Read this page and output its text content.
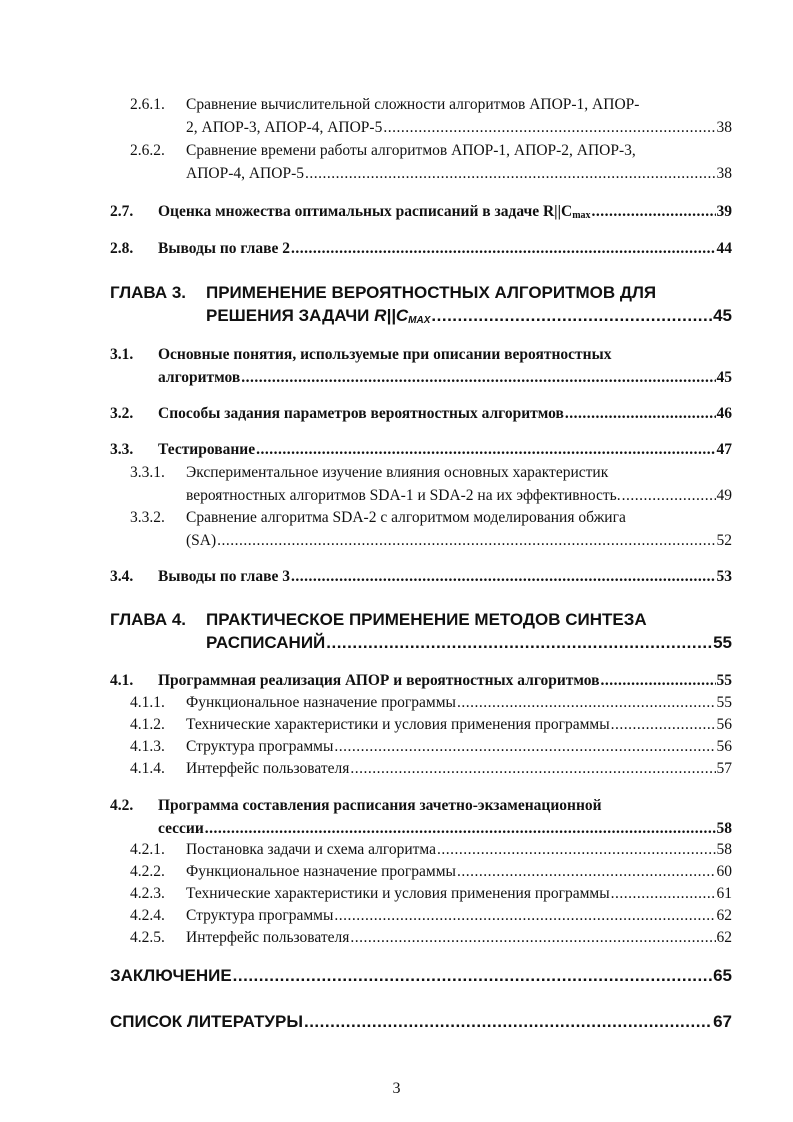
2.6.1.	Сравнение вычислительной сложности алгоритмов АПОР-1, АПОР-
2, АПОР-3, АПОР-4, АПОР-5 .....	38
2.6.2.	Сравнение времени работы алгоритмов АПОР-1, АПОР-2, АПОР-3,
АПОР-4, АПОР-5 .....	38
2.7.	Оценка множества оптимальных расписаний в задаче $R||C_{max}$ .....	39
2.8.	Выводы по главе 2 .....	44
ГЛАВА 3.	ПРИМЕНЕНИЕ ВЕРОЯТНОСТНЫХ АЛГОРИТМОВ ДЛЯ
РЕШЕНИЯ ЗАДАЧИ $R||C_{MAX}$ .....	45
3.1.	Основные понятия, используемые при описании вероятностных
алгоритмов .....	45
3.2.	Способы задания параметров вероятностных алгоритмов .....	46
3.3.	Тестирование .....	47
3.3.1.	Экспериментальное изучение влияния основных характеристик
вероятностных алгоритмов SDA-1 и SDA-2 на их эффективность. .....	49
3.3.2.	Сравнение алгоритма SDA-2 с алгоритмом моделирования обжига
(SA) .....	52
3.4.	Выводы по главе 3 .....	53
ГЛАВА 4.	ПРАКТИЧЕСКОЕ ПРИМЕНЕНИЕ МЕТОДОВ СИНТЕЗА
РАСПИСАНИЙ .....	55
4.1.	Программная реализация АПОР и вероятностных алгоритмов .....	55
4.1.1.	Функциональное назначение программы .....	55
4.1.2.	Технические характеристики и условия применения программы .....	56
4.1.3.	Структура программы .....	56
4.1.4.	Интерфейс пользователя .....	57
4.2.	Программа составления расписания зачетно-экзаменационной
сессии .....	58
4.2.1.	Постановка задачи и схема алгоритма .....	58
4.2.2.	Функциональное назначение программы .....	60
4.2.3.	Технические характеристики и условия применения программы .....	61
4.2.4.	Структура программы .....	62
4.2.5.	Интерфейс пользователя .....	62
ЗАКЛЮЧЕНИЕ .....	65
СПИСОК ЛИТЕРАТУРЫ .....	67
3
